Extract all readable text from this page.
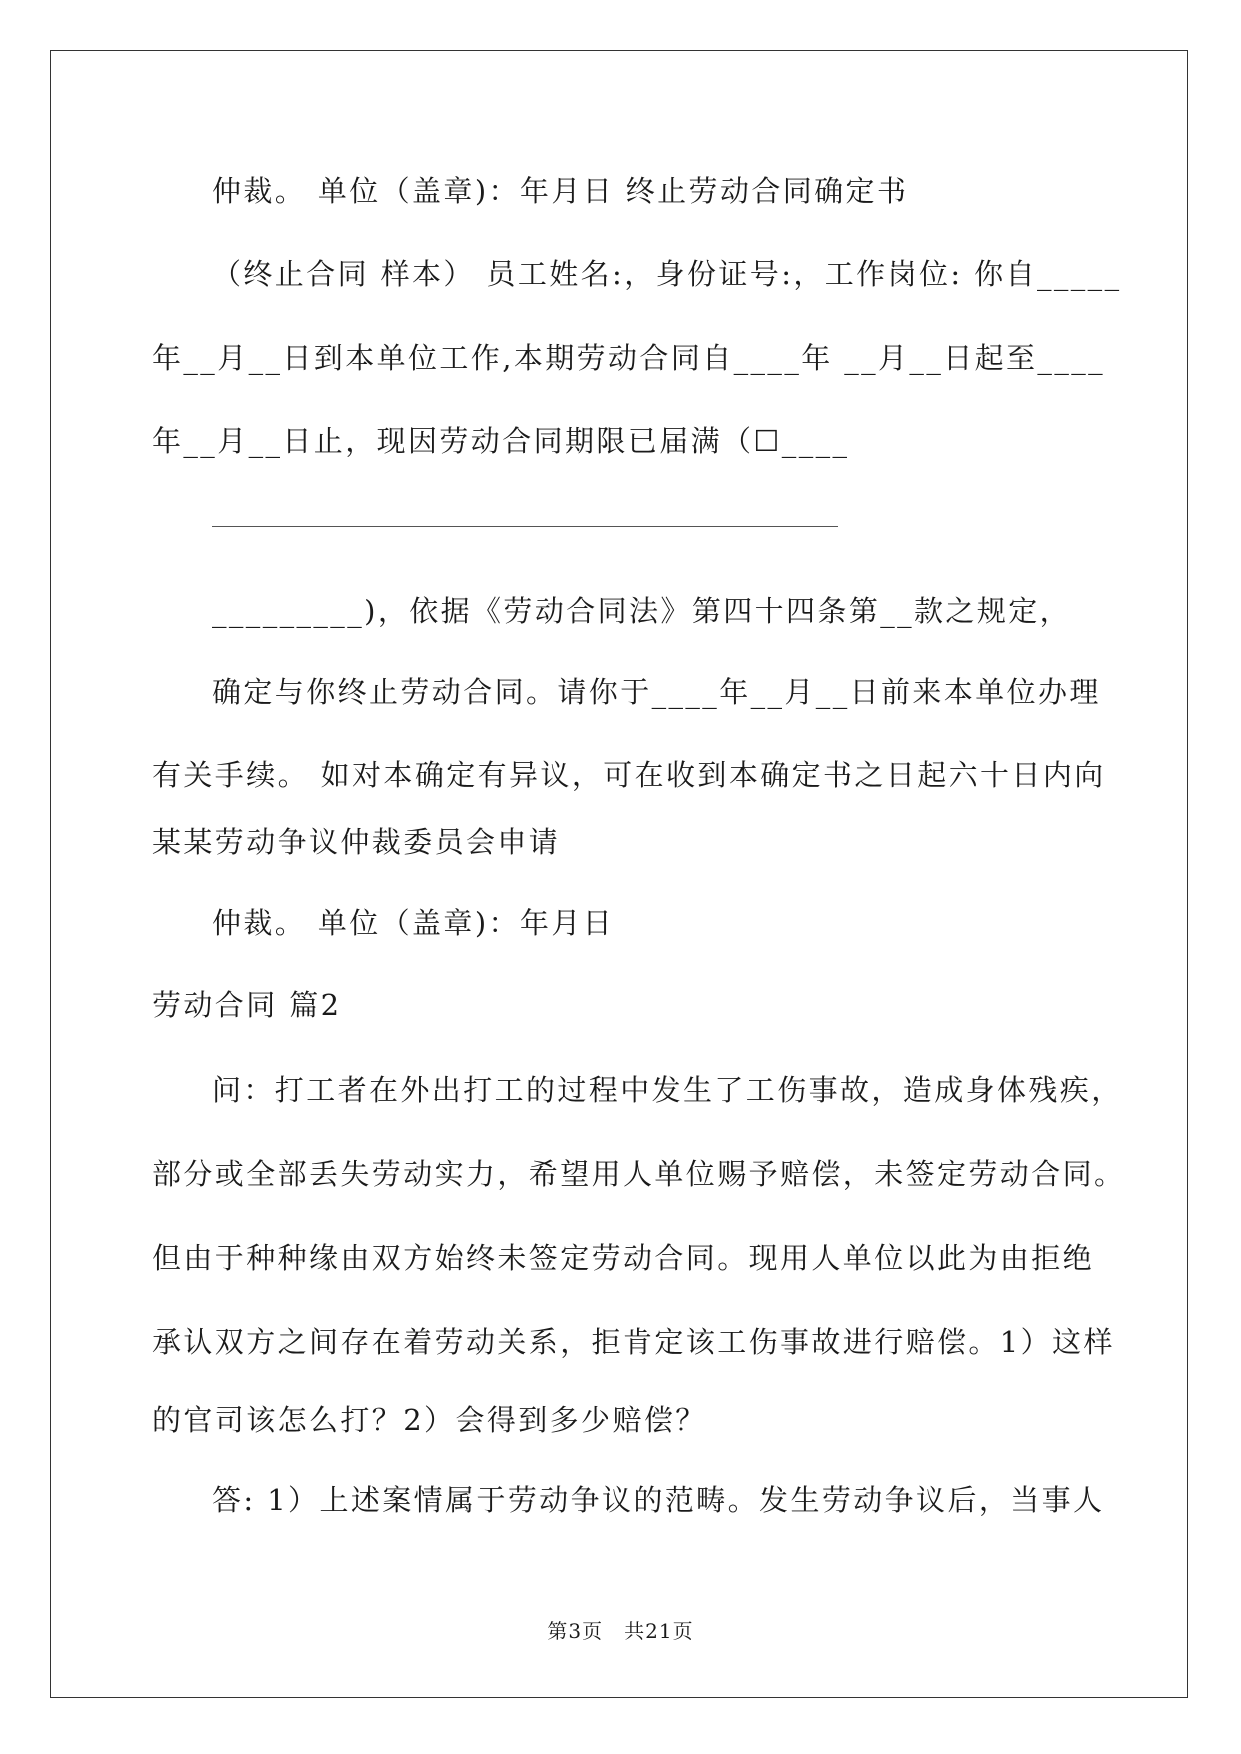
仲裁。 单位（盖章)：年月日 终止劳动合同确定书
（终止合同 样本） 员工姓名:，身份证号:，工作岗位: 你自_____
年__月__日到本单位工作,本期劳动合同自____年 __月__日起至____
年__月__日止，现因劳动合同期限已届满（☐____
_________)，依据《劳动合同法》第四十四条第__款之规定，
确定与你终止劳动合同。请你于____年__月__日前来本单位办理
有关手续。 如对本确定有异议，可在收到本确定书之日起六十日内向
某某劳动争议仲裁委员会申请
仲裁。 单位（盖章)：年月日
劳动合同 篇2
问：打工者在外出打工的过程中发生了工伤事故，造成身体残疾，
部分或全部丢失劳动实力，希望用人单位赐予赔偿，未签定劳动合同。
但由于种种缘由双方始终未签定劳动合同。现用人单位以此为由拒绝
承认双方之间存在着劳动关系，拒肯定该工伤事故进行赔偿。1）这样
的官司该怎么打？2）会得到多少赔偿？
答: 1）上述案情属于劳动争议的范畴。发生劳动争议后，当事人
第3页　共21页
